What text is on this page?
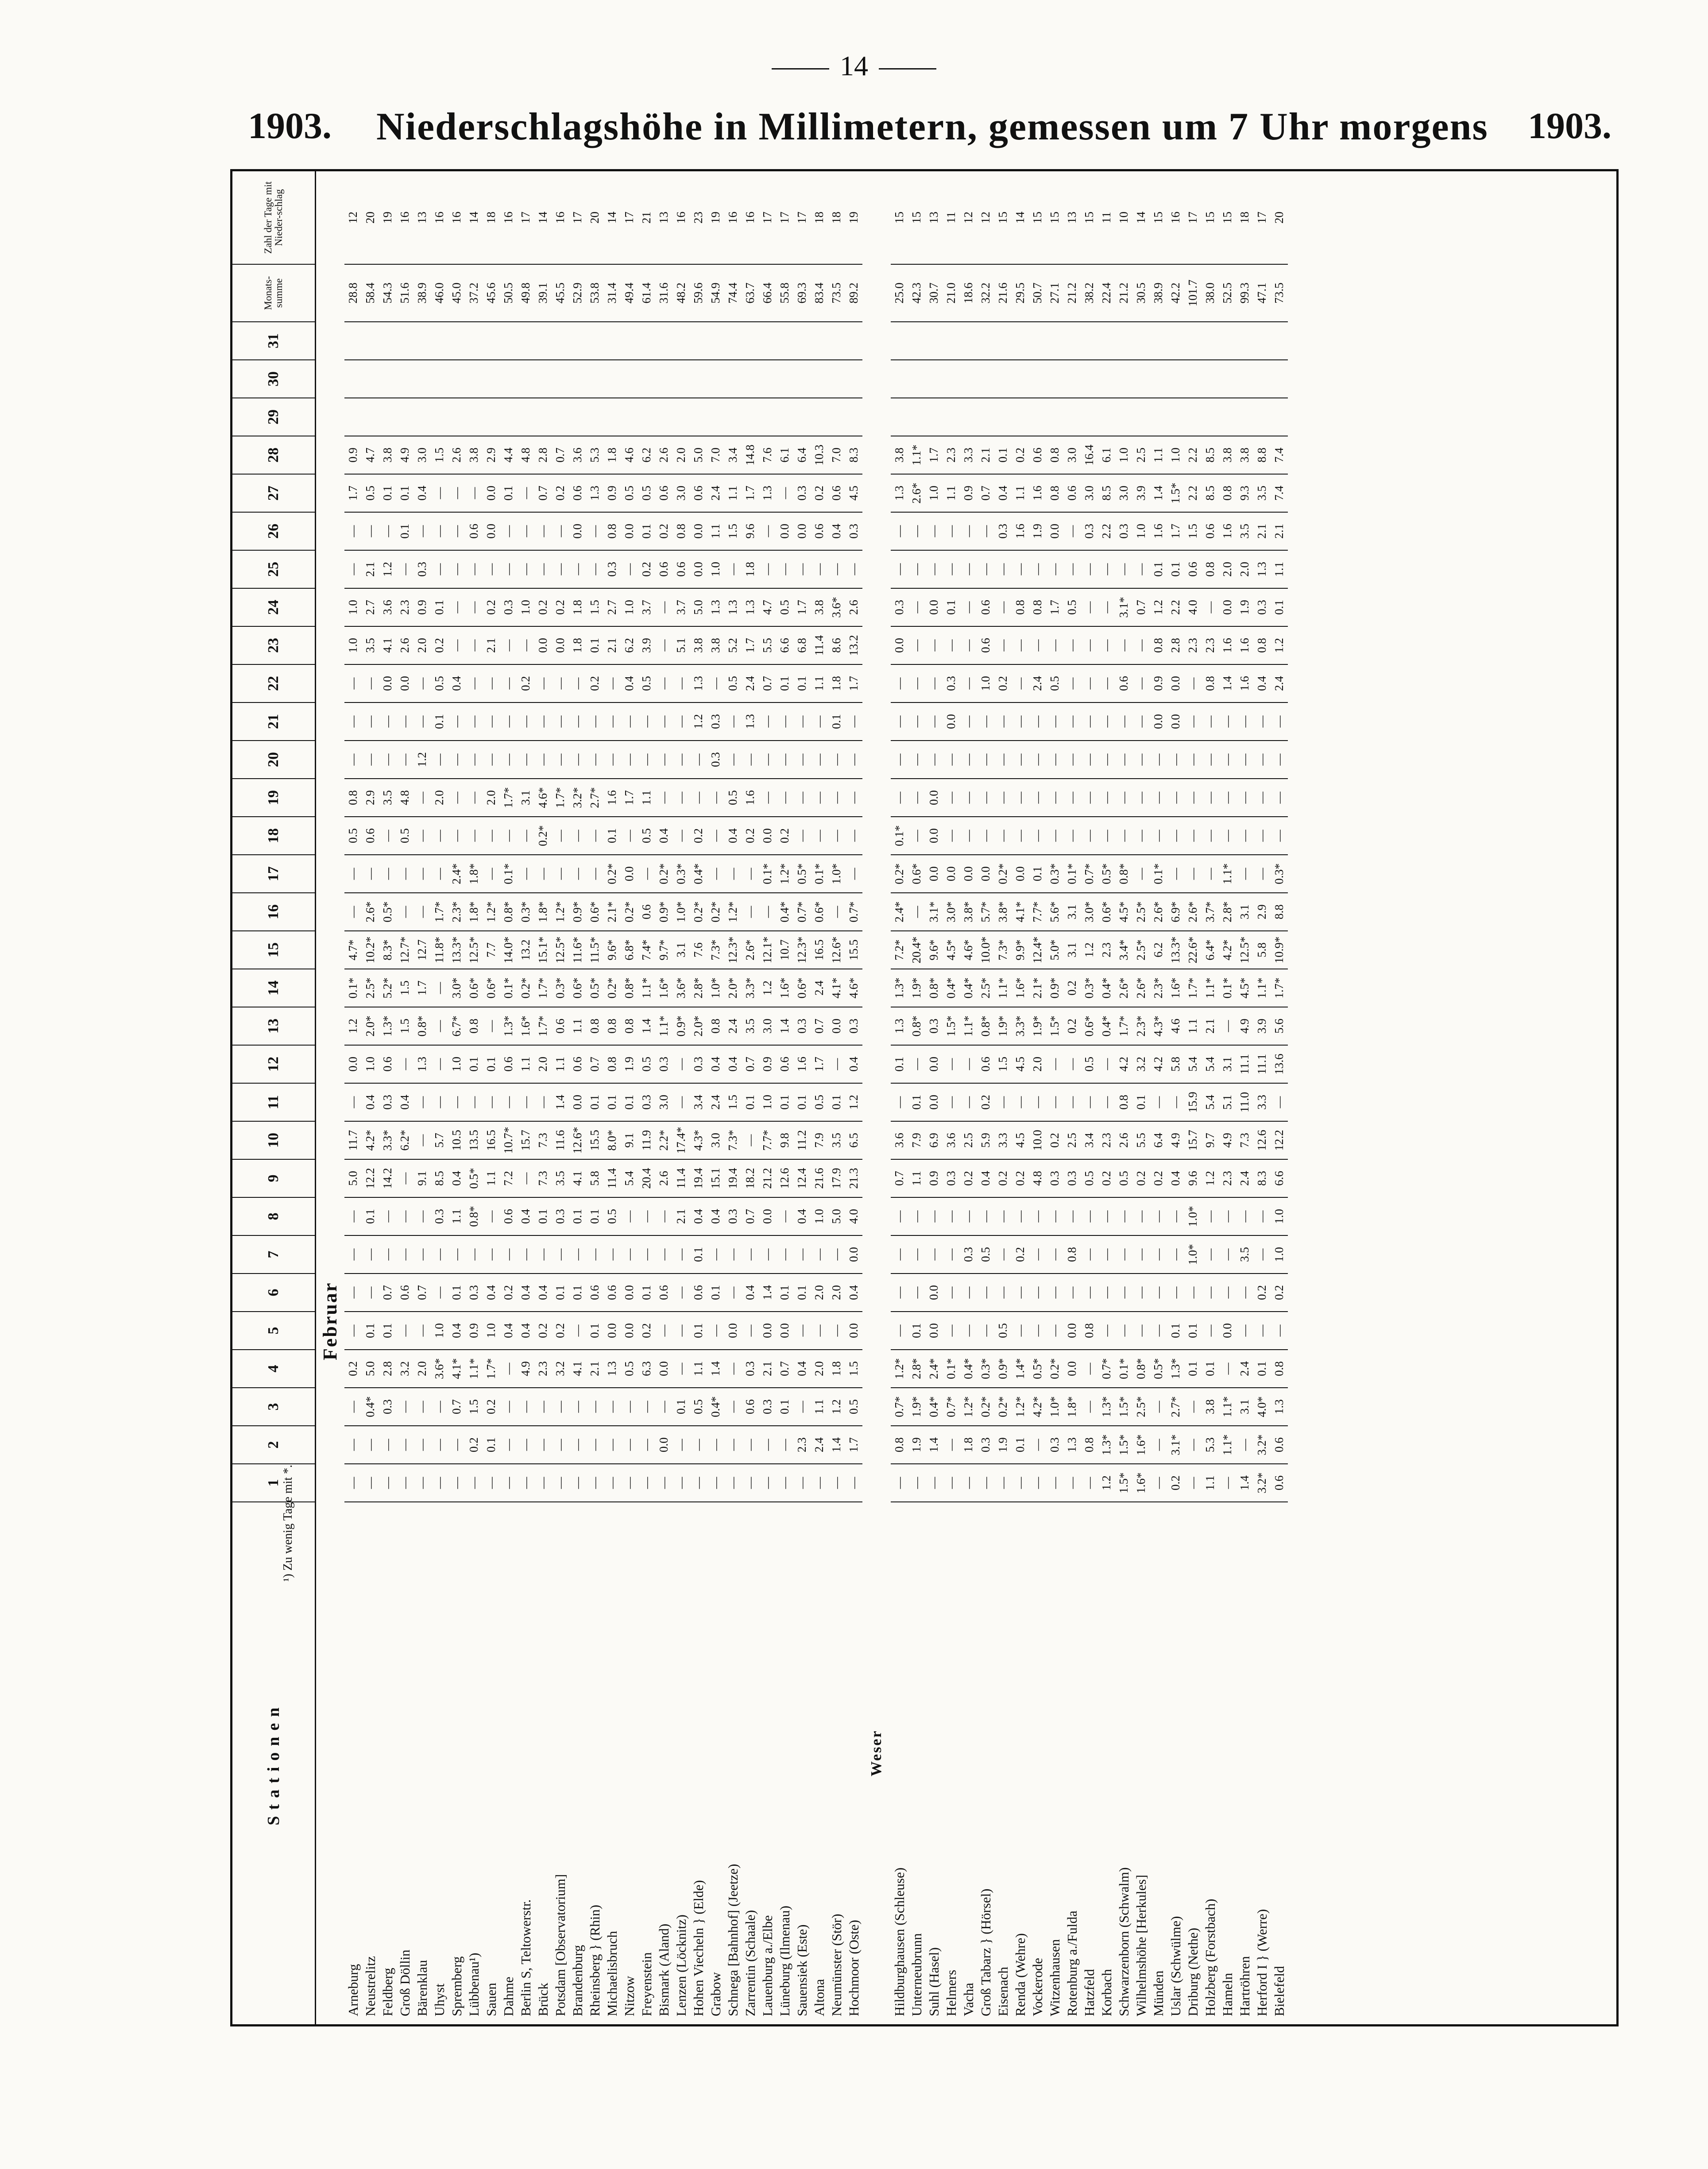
14
1903. Niederschlagshöhe in Millimetern, gemessen um 7 Uhr morgens 1903.
Stationen	1	2	3	4	5	6	7	8	9	10	11	12	13	14	15	16	17	18	19	20	21	22	23	24	25	26	27	28	29	30	31	Monats-summe	Zahl der Tage mit Nieder-schlag
Februar																																	
Arneburg	—	—	—	0.2	—	—	—	—	5.0	11.7	—	0.0	1.2	0.1*	4.7*	—	—	0.5	0.8	—	—	—	1.0	1.0	—	—	1.7	0.9				28.8	12
Neustrelitz	—	—	0.4*	5.0	0.1	—	—	0.1	12.2	4.2*	0.4	1.0	2.0*	2.5*	10.2*	2.6*	—	0.6	2.9	—	—	—	3.5	2.7	2.1	—	0.5	4.7				58.4	20
Feldberg	—	—	0.3	2.8	0.1	0.7	—	—	14.2	3.3*	0.3	0.6	1.3*	5.2*	8.3*	0.5*	—	—	3.5	—	—	0.0	4.1	3.6	1.2	—	0.1	3.8				54.3	19
Groß Döllin	—	—	—	3.2	—	0.6	—	—	—	6.2*	0.4	—	1.5	1.5	12.7*	—	—	0.5	4.8	—	—	0.0	2.6	2.3	—	0.1	0.1	4.9				51.6	16
Bärenklau	—	—	—	2.0	—	0.7	—	—	9.1	—	—	1.3	0.8*	1.7	12.7	—	—	—	—	1.2	—	—	2.0	0.9	0.3	—	0.4	3.0				38.9	13
Uhyst	—	—	—	3.6*	1.0	—	—	0.3	8.5	5.7	—	—	—	—	11.8*	1.7*	—	—	2.0	—	0.1	0.5	0.2	0.1	—	—	—	1.5				46.0	16
Spremberg	—	—	0.7	4.1*	0.4	0.1	—	1.1	0.4	10.5	—	1.0	6.7*	3.0*	13.3*	2.3*	2.4*	—	—	—	—	0.4	—	—	—	—	—	2.6				45.0	16
Lübbenau¹)	—	0.2	1.5	1.1*	0.9	0.3	—	0.8*	0.5*	13.5	—	0.1	0.8	0.6*	12.5*	1.8*	1.8*	—	—	—	—	—	—	—	—	0.6	—	3.8				37.2	14
Sauen	—	0.1	0.2	1.7*	1.0	0.4	—	—	1.1	16.5	—	0.1	—	0.6*	7.7	1.2*	—	—	2.0	—	—	—	2.1	0.2	—	0.0	0.0	2.9				45.6	18
Dahme	—	—	—	—	0.4	0.2	—	0.6	7.2	10.7*	—	0.6	1.3*	0.1*	14.0*	0.8*	0.1*	—	1.7*	—	—	—	—	0.3	—	—	0.1	4.4				50.5	16
Berlin S, Teltowerstr.	—	—	—	4.9	0.4	0.4	—	0.4	—	15.7	—	1.1	1.6*	0.2*	13.2	0.3*	—	—	3.1	—	—	0.2	—	1.0	—	—	—	4.8				49.8	17
Brück	—	—	—	2.3	0.2	0.4	—	0.1	7.3	7.3	—	2.0	1.7*	1.7*	15.1*	1.8*	—	0.2*	4.6*	—	—	—	0.0	0.2	—	—	0.7	2.8				39.1	14
Potsdam [Observatorium]	—	—	—	3.2	0.2	0.1	—	0.3	3.5	11.6	1.4	1.1	0.6	0.3*	12.5*	1.2*	—	—	1.7*	—	—	—	0.0	0.2	—	—	0.2	0.7				45.5	16
Brandenburg	—	—	—	4.1	—	0.1	—	0.1	4.1	12.6*	0.0	0.6	1.1	0.6*	11.6*	0.9*	—	—	3.2*	—	—	—	1.8	1.8	—	0.0	0.6	3.6				52.9	17
Rheinsberg } (Rhin)	—	—	—	2.1	0.1	0.6	—	0.1	5.8	15.5	0.1	0.7	0.8	0.5*	11.5*	0.6*	—	—	2.7*	—	—	0.2	0.1	1.5	—	—	1.3	5.3				53.8	20
Michaelisbruch	—	—	—	1.3	0.0	0.6	—	0.5	11.4	8.0*	0.1	0.8	0.8	0.2*	9.6*	2.1*	0.2*	0.1	1.6	—	—	—	2.1	2.7	0.3	0.8	0.9	1.8				31.4	14
Nitzow	—	—	—	0.5	0.0	0.0	—	—	5.4	9.1	0.1	1.9	0.8	0.8*	6.8*	0.2*	0.0	—	1.7	—	—	0.4	6.2	1.0	—	0.0	0.5	4.6				49.4	17
Freyenstein	—	—	—	6.3	0.2	0.1	—	—	20.4	11.9	0.3	0.5	1.4	1.1*	7.4*	0.6	—	0.5	1.1	—	—	0.5	3.9	3.7	0.2	0.1	0.5	6.2				61.4	21
Bismark (Aland)	—	0.0	—	0.0	—	0.6	—	—	2.6	2.2*	3.0	0.3	1.1*	1.6*	9.7*	0.9*	0.2*	0.4	—	—	—	—	—	—	0.6	0.2	0.6	2.6				31.6	13
Lenzen (Löcknitz)	—	—	0.1	—	—	—	—	2.1	11.4	17.4*	—	—	0.9*	3.6*	3.1	1.0*	0.3*	—	—	—	—	—	5.1	3.7	0.6	0.8	3.0	2.0				48.2	16
Hohen Viecheln } (Elde)	—	—	0.5	1.1	0.1	0.6	0.1	0.4	19.4	4.3*	3.4	0.3	2.0*	2.8*	7.6	0.2*	0.4*	0.2	—	—	1.2	1.3	3.8	5.0	0.0	0.0	0.6	5.0				59.6	23
Grabow	—	—	0.4*	1.4	—	0.1	—	0.4	15.1	3.0	2.4	0.4	0.8	1.0*	7.3*	0.2*	—	—	—	0.3	0.3	—	3.8	1.3	1.0	1.1	2.4	7.0				54.9	19
Schnega [Bahnhof] (Jeetze)	—	—	—	—	0.0	—	—	0.3	19.4	7.3*	1.5	0.4	2.4	2.0*	12.3*	1.2*	—	0.4	0.5	—	—	0.5	5.2	1.3	—	1.5	1.1	3.4				74.4	16
Zarrentin (Schaale)	—	—	0.6	0.3	—	0.4	—	0.7	18.2	—	0.1	0.7	3.5	3.3*	2.6*	—	—	0.2	1.6	—	1.3	2.4	1.7	1.3	1.8	9.6	1.7	14.8				63.7	16
Lauenburg a./Elbe	—	—	0.3	2.1	0.0	1.4	—	0.0	21.2	7.7*	1.0	0.9	3.0	1.2	12.1*	—	0.1*	0.0	—	—	—	0.7	5.5	4.7	—	—	1.3	7.6				66.4	17
Lüneburg (Ilmenau)	—	—	0.1	0.7	0.0	0.1	—	—	12.6	9.8	0.1	0.6	1.4	1.6*	10.7	0.4*	1.2*	0.2	—	—	—	0.1	6.6	0.5	—	0.0	—	6.1				55.8	17
Sauensiek (Este)	—	2.3	—	0.4	—	0.1	—	0.4	12.4	11.2	0.1	1.6	0.3	0.6*	12.3*	0.7*	0.5*	—	—	—	—	0.1	6.8	1.7	—	0.0	0.3	6.4				69.3	17
Altona	—	2.4	1.1	2.0	—	2.0	—	1.0	21.6	7.9	0.5	1.7	0.7	2.4	16.5	0.6*	0.1*	—	—	—	—	1.1	11.4	3.8	—	0.6	0.2	10.3				83.4	18
Neumünster (Stör)	—	1.4	1.2	1.8	—	2.0	—	5.0	17.9	3.5	0.1	—	0.0	4.1*	12.6*	—	1.0*	—	—	—	0.1	1.8	8.6	3.6*	—	0.4	0.6	7.0				73.5	18
Hochmoor (Oste)	—	1.7	0.5	1.5	0.0	0.4	0.0	4.0	21.3	6.5	1.2	0.4	0.3	4.6*	15.5	0.7*	—	—	—	—	—	1.7	13.2	2.6	—	0.3	4.5	8.3				89.2	19
Weser																																	
Hildburghausen (Schleuse)	—	0.8	0.7*	1.2*	—	—	—	—	0.7	3.6	—	0.1	1.3	1.3*	7.2*	2.4*	0.2*	0.1*	—	—	—	—	0.0	0.3	—	—	1.3	3.8				25.0	15
Unterneubrunn	—	1.9	1.9*	2.8*	0.1	—	—	—	1.1	7.9	0.1	—	0.8*	1.9*	20.4*	—	0.6*	—	—	—	—	—	—	—	—	—	2.6*	1.1*				42.3	15
Suhl (Hasel)	—	1.4	0.4*	2.4*	0.0	0.0	—	—	0.9	6.9	0.0	0.0	0.3	0.8*	9.6*	3.1*	0.0	0.0	0.0	—	—	—	—	0.0	—	—	1.0	1.7				30.7	13
Helmers	—	—	0.7*	0.1*	—	—	—	—	0.3	3.6	—	—	1.5*	0.4*	4.5*	3.0*	0.0	—	—	—	0.0	0.3	—	0.1	—	—	1.1	2.3				21.0	11
Vacha	—	1.8	1.2*	0.4*	—	—	0.3	—	0.2	2.5	—	—	1.1*	0.4*	4.6*	3.8*	0.0	—	—	—	—	—	—	—	—	—	0.9	3.3				18.6	12
Groß Tabarz } (Hörsel)	—	0.3	0.2*	0.3*	—	—	0.5	—	0.4	5.9	0.2	0.6	0.8*	2.5*	10.0*	5.7*	0.0	—	—	—	—	1.0	0.6	0.6	—	—	0.7	2.1				32.2	12
Eisenach	—	1.9	0.2*	0.9*	0.5	—	—	—	0.2	3.3	—	1.5	1.9*	1.1*	7.3*	3.8*	0.2*	—	—	—	—	0.2	—	—	—	0.3	0.4	0.1				21.6	15
Renda (Wehre)	—	0.1	1.2*	1.4*	—	—	0.2	—	0.2	4.5	—	4.5	3.3*	1.6*	9.9*	4.1*	0.0	—	—	—	—	—	—	0.8	—	1.6	1.1	0.2				29.5	14
Vockerode	—	—	4.2*	0.5*	—	—	—	—	4.8	10.0	—	2.0	1.9*	2.1*	12.4*	7.7*	0.1	—	—	—	—	2.4	—	0.8	—	1.9	1.6	0.6				50.7	15
Witzenhausen	—	0.3	1.0*	0.2*	—	—	—	—	0.3	0.2	—	—	1.5*	0.9*	5.0*	5.6*	0.3*	—	—	—	—	0.5	—	1.7	—	0.0	0.8	0.8				27.1	15
Rotenburg a./Fulda	—	1.3	1.8*	0.0	0.0	—	0.8	—	0.3	2.5	—	—	0.2	0.2	3.1	3.1	0.1*	—	—	—	—	—	—	0.5	—	—	0.6	3.0				21.2	13
Hatzfeld	—	0.8	—	—	0.8	—	—	—	0.5	3.4	—	0.5	0.6*	0.3*	1.2	3.0*	0.7*	—	—	—	—	—	—	—	—	0.3	3.0	16.4				38.2	15
Korbach	1.2	1.3*	1.3*	0.7*	—	—	—	—	0.2	2.3	—	—	0.4*	0.4*	2.3	0.6*	0.5*	—	—	—	—	—	—	—	—	2.2	8.5	6.1				22.4	11
Schwarzenborn (Schwalm)	1.5*	1.5*	1.5*	0.1*	—	—	—	—	0.5	2.6	0.8	4.2	1.7*	2.6*	3.4*	4.5*	0.8*	—	—	—	—	0.6	—	3.1*	—	0.3	3.0	1.0				21.2	10
Wilhelmshöhe [Herkules]	1.6*	1.6*	2.5*	0.8*	—	—	—	—	0.2	5.5	0.1	3.2	2.3*	2.6*	2.5*	2.5*	—	—	—	—	—	—	—	0.7	—	1.0	3.9	2.5				30.5	14
Münden	—	—	—	0.5*	—	—	—	—	0.2	6.4	—	4.2	4.3*	2.3*	6.2	2.6*	0.1*	—	—	—	0.0	0.9	0.8	1.2	0.1	1.6	1.4	1.1				38.9	15
Uslar (Schwülme)	0.2	3.1*	2.7*	1.3*	0.1	—	—	—	0.4	4.9	—	5.8	4.6	1.6*	13.3*	6.9*	—	—	—	—	0.0	0.0	2.8	2.2	0.1	1.7	1.5*	1.0				42.2	16
Driburg (Nethe)	—	—	—	0.1	0.1	—	1.0*	1.0*	9.6	15.7	15.9	5.4	1.1	1.7*	22.6*	2.6*	—	—	—	—	—	—	2.3	4.0	0.6	1.5	2.2	2.2				101.7	17
Holzberg (Forstbach)	1.1	5.3	3.8	0.1	—	—	—	—	1.2	9.7	5.4	5.4	2.1	1.1*	6.4*	3.7*	—	—	—	—	—	0.8	2.3	—	0.8	0.6	8.5	8.5				38.0	15
Hameln	—	1.1*	1.1*	—	0.0	—	—	—	2.3	4.9	5.1	3.1	—	0.1*	4.2*	2.8*	1.1*	—	—	—	—	1.4	1.6	0.0	2.0	1.6	0.8	3.8				52.5	15
Hartröhren	1.4	—	3.1	2.4	—	—	3.5	—	2.4	7.3	11.0	11.1	4.9	4.5*	12.5*	3.1	—	—	—	—	—	1.6	1.6	1.9	2.0	3.5	9.3	3.8				99.3	18
Herford I } (Werre)	3.2*	3.2*	4.0*	0.1	—	0.2	—	—	8.3	12.6	3.3	11.1	3.9	1.1*	5.8	2.9	—	—	—	—	—	0.4	0.8	0.3	1.3	2.1	3.5	8.8				47.1	17
Bielefeld	0.6	0.6	1.3	0.8	—	0.2	1.0	1.0	6.6	12.2	—	13.6	5.6	1.7*	10.9*	8.8	0.3*	—	—	—	—	2.4	1.2	0.1	1.1	2.1	7.4	7.4				73.5	20
¹) Zu wenig Tage mit *.
